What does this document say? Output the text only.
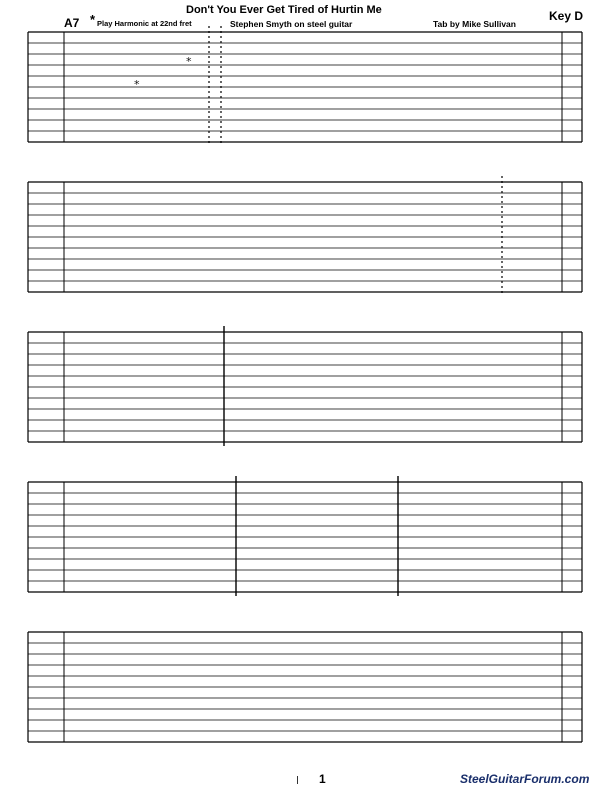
A7 * Play Harmonic at 22nd fret
Don't You Ever Get Tired of Hurtin Me
Stephen Smyth on steel guitar	Tab by Mike Sullivan
Key D
*
*
1	SteelGuitarForum.com
